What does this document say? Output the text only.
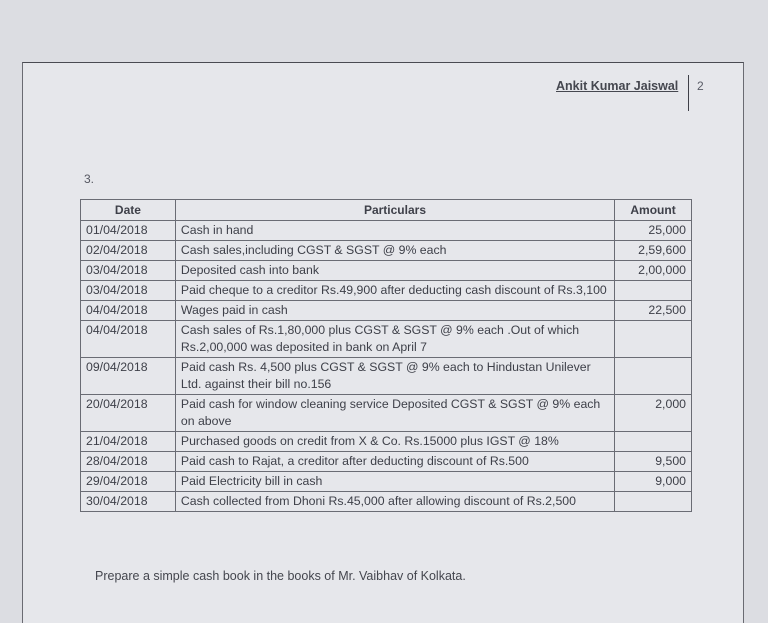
Ankit Kumar Jaiswal 2
3.
Date	Particulars	Amount
01/04/2018	Cash in hand	25,000
02/04/2018	Cash sales,including CGST & SGST @ 9% each	2,59,600
03/04/2018	Deposited cash into bank	2,00,000
03/04/2018	Paid cheque to a creditor Rs.49,900 after deducting cash discount of Rs.3,100	
04/04/2018	Wages paid in cash	22,500
04/04/2018	Cash sales of Rs.1,80,000 plus CGST & SGST @ 9% each .Out of which Rs.2,00,000 was deposited in bank on April 7	
09/04/2018	Paid cash Rs. 4,500 plus CGST & SGST @ 9% each to Hindustan Unilever Ltd. against their bill no.156	
20/04/2018	Paid cash for window cleaning service Deposited CGST & SGST @ 9% each on above	2,000
21/04/2018	Purchased goods on credit from X & Co. Rs.15000 plus IGST @ 18%	
28/04/2018	Paid cash to Rajat, a creditor after deducting discount of Rs.500	9,500
29/04/2018	Paid Electricity bill in cash	9,000
30/04/2018	Cash collected from Dhoni Rs.45,000 after allowing discount of Rs.2,500	
Prepare a simple cash book in the books of Mr. Vaibhav of Kolkata.
